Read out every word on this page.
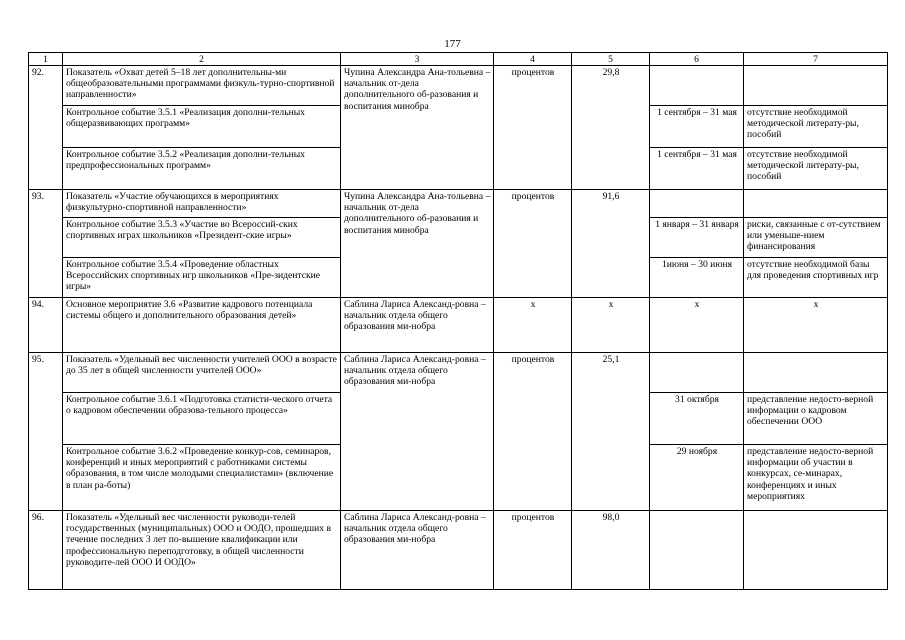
177
1	2	3	4	5	6	7
92.	Показатель «Охват детей 5–18 лет дополнительны-ми общеобразовательными программами физкуль-турно-спортивной направленности»	Чупина Александра Ана-тольевна – начальник от-дела дополнительного об-разования и воспитания минобра	процентов	29,8		
	Контрольное событие 3.5.1 «Реализация дополни-тельных общеразвивающих программ»				1 сентября – 31 мая	отсутствие необходимой методической литерату-ры, пособий
	Контрольное событие 3.5.2 «Реализация дополни-тельных предпрофессиональных программ»				1 сентября – 31 мая	отсутствие необходимой методической литерату-ры, пособий
93.	Показатель «Участие обучающихся в мероприятиях физкультурно-спортивной направленности»	Чупина Александра Ана-тольевна – начальник от-дела дополнительного об-разования и воспитания минобра	процентов	91,6		
	Контрольное событие 3.5.3 «Участие во Всероссий-ских спортивных играх школьников «Президент-ские игры»				1 января – 31 января	риски, связанные с от-сутствием или уменьше-нием финансирования
	Контрольное событие 3.5.4 «Проведение областных Всероссийских спортивных игр школьников «Пре-зидентские игры»				1июня – 30 июня	отсутствие необходимой базы для проведения спортивных игр
94.	Основное мероприятие 3.6 «Развитие кадрового потенциала системы общего и дополнительного образования детей»	Саблина Лариса Александ-ровна – начальник отдела общего образования ми-нобра	x	x	x	x
95.	Показатель «Удельный вес численности учителей ООО в возрасте до 35 лет в общей численности учителей ООО»	Саблина Лариса Александ-ровна – начальник отдела общего образования ми-нобра	процентов	25,1		
	Контрольное событие 3.6.1 «Подготовка статисти-ческого отчета о кадровом обеспечении образова-тельного процесса»				31 октября	представление недосто-верной информации о кадровом обеспечении ООО
	Контрольное событие 3.6.2 «Проведение конкур-сов, семинаров, конференций и иных мероприятий с работниками системы образования, в том числе молодыми специалистами» (включение в план ра-боты)				29 ноября	представление недосто-верной информации об участии в конкурсах, се-минарах, конференциях и иных мероприятиях
96.	Показатель «Удельный вес численности руководи-телей государственных (муниципальных) ООО и ООДО, прошедших в течение последних 3 лет по-вышение квалификации или профессиональную переподготовку, в общей численности руководите-лей ООО И ООДО»	Саблина Лариса Александ-ровна – начальник отдела общего образования ми-нобра	процентов	98,0		
